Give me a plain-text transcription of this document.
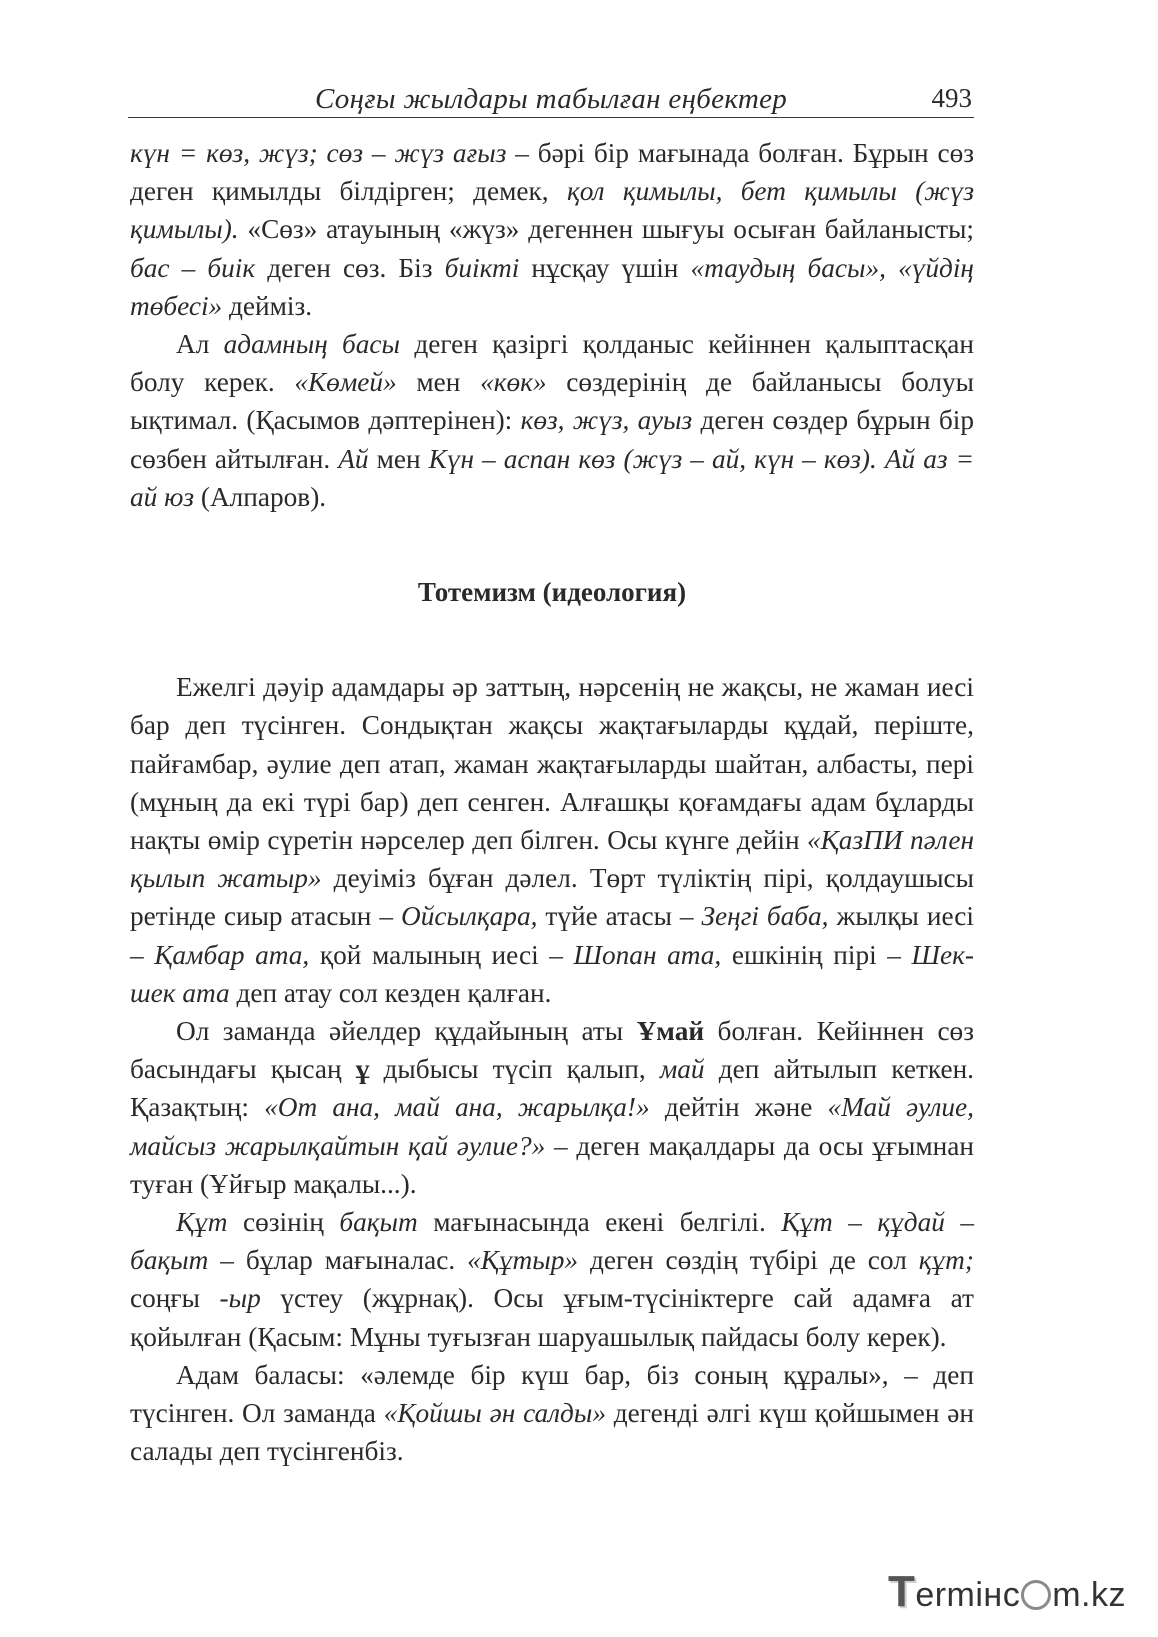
Соңғы жылдары табылған еңбектер	493

күн = көз, жүз; сөз – жүз ағыз – бәрі бір мағынада болған. Бұрын сөз деген қимылды білдірген; демек, қол қимылы, бет қимылы (жүз қимылы). «Сөз» атауының «жүз» дегеннен шығуы осыған байланысты; бас – биік деген сөз. Біз биікті нұсқау үшін «таудың басы», «үйдің төбесі» дейміз.

Ал адамның басы деген қазіргі қолданыс кейіннен қалыптасқан болу керек. «Көмей» мен «көк» сөздерінің де байланысы болуы ықтимал. (Қасымов дәптерінен): көз, жүз, ауыз деген сөздер бұрын бір сөзбен айтылған. Ай мен Күн – аспан көз (жүз – ай, күн – көз). Ай аз = ай юз (Алпаров).

Тотемизм (идеология)

Ежелгі дәуір адамдары әр заттың, нәрсенің не жақсы, не жаман иесі бар деп түсінген. Сондықтан жақсы жақтағыларды құдай, періште, пайғамбар, әулие деп атап, жаман жақтағыларды шайтан, албасты, пері (мұның да екі түрі бар) деп сенген. Алғашқы қоғамдағы адам бұларды нақты өмір сүретін нәрселер деп білген. Осы күнге дейін «ҚазПИ пәлен қылып жатыр» деуіміз бұған дәлел. Төрт түліктің пірі, қолдаушысы ретінде сиыр атасын – Ойсылқара, түйе атасы – Зеңгі баба, жылқы иесі – Қамбар ата, қой малының иесі – Шопан ата, ешкінің пірі – Шек-шек ата деп атау сол кезден қалған.

Ол заманда әйелдер құдайының аты Ұмай болған. Кейіннен сөз басындағы қысаң ұ дыбысы түсіп қалып, май деп айтылып кеткен. Қазақтың: «От ана, май ана, жарылқа!» дейтін және «Май әулие, майсыз жарылқайтын қай әулие?» – деген мақалдары да осы ұғымнан туған (Ұйғыр мақалы...).

Құт сөзінің бақыт мағынасында екені белгілі. Құт – құдай – бақыт – бұлар мағыналас. «Құтыр» деген сөздің түбірі де сол құт; соңғы -ыр үстеу (жұрнақ). Осы ұғым-түсініктерге сай адамға ат қойылған (Қасым: Мұны туғызған шаруашылық пайдасы болу керек).

Адам баласы: «әлемде бір күш бар, біз соның құралы», – деп түсінген. Ол заманда «Қойшы ән салды» дегенді әлгі күш қойшымен ән салады деп түсінгенбіз.

Termінс m.kz
